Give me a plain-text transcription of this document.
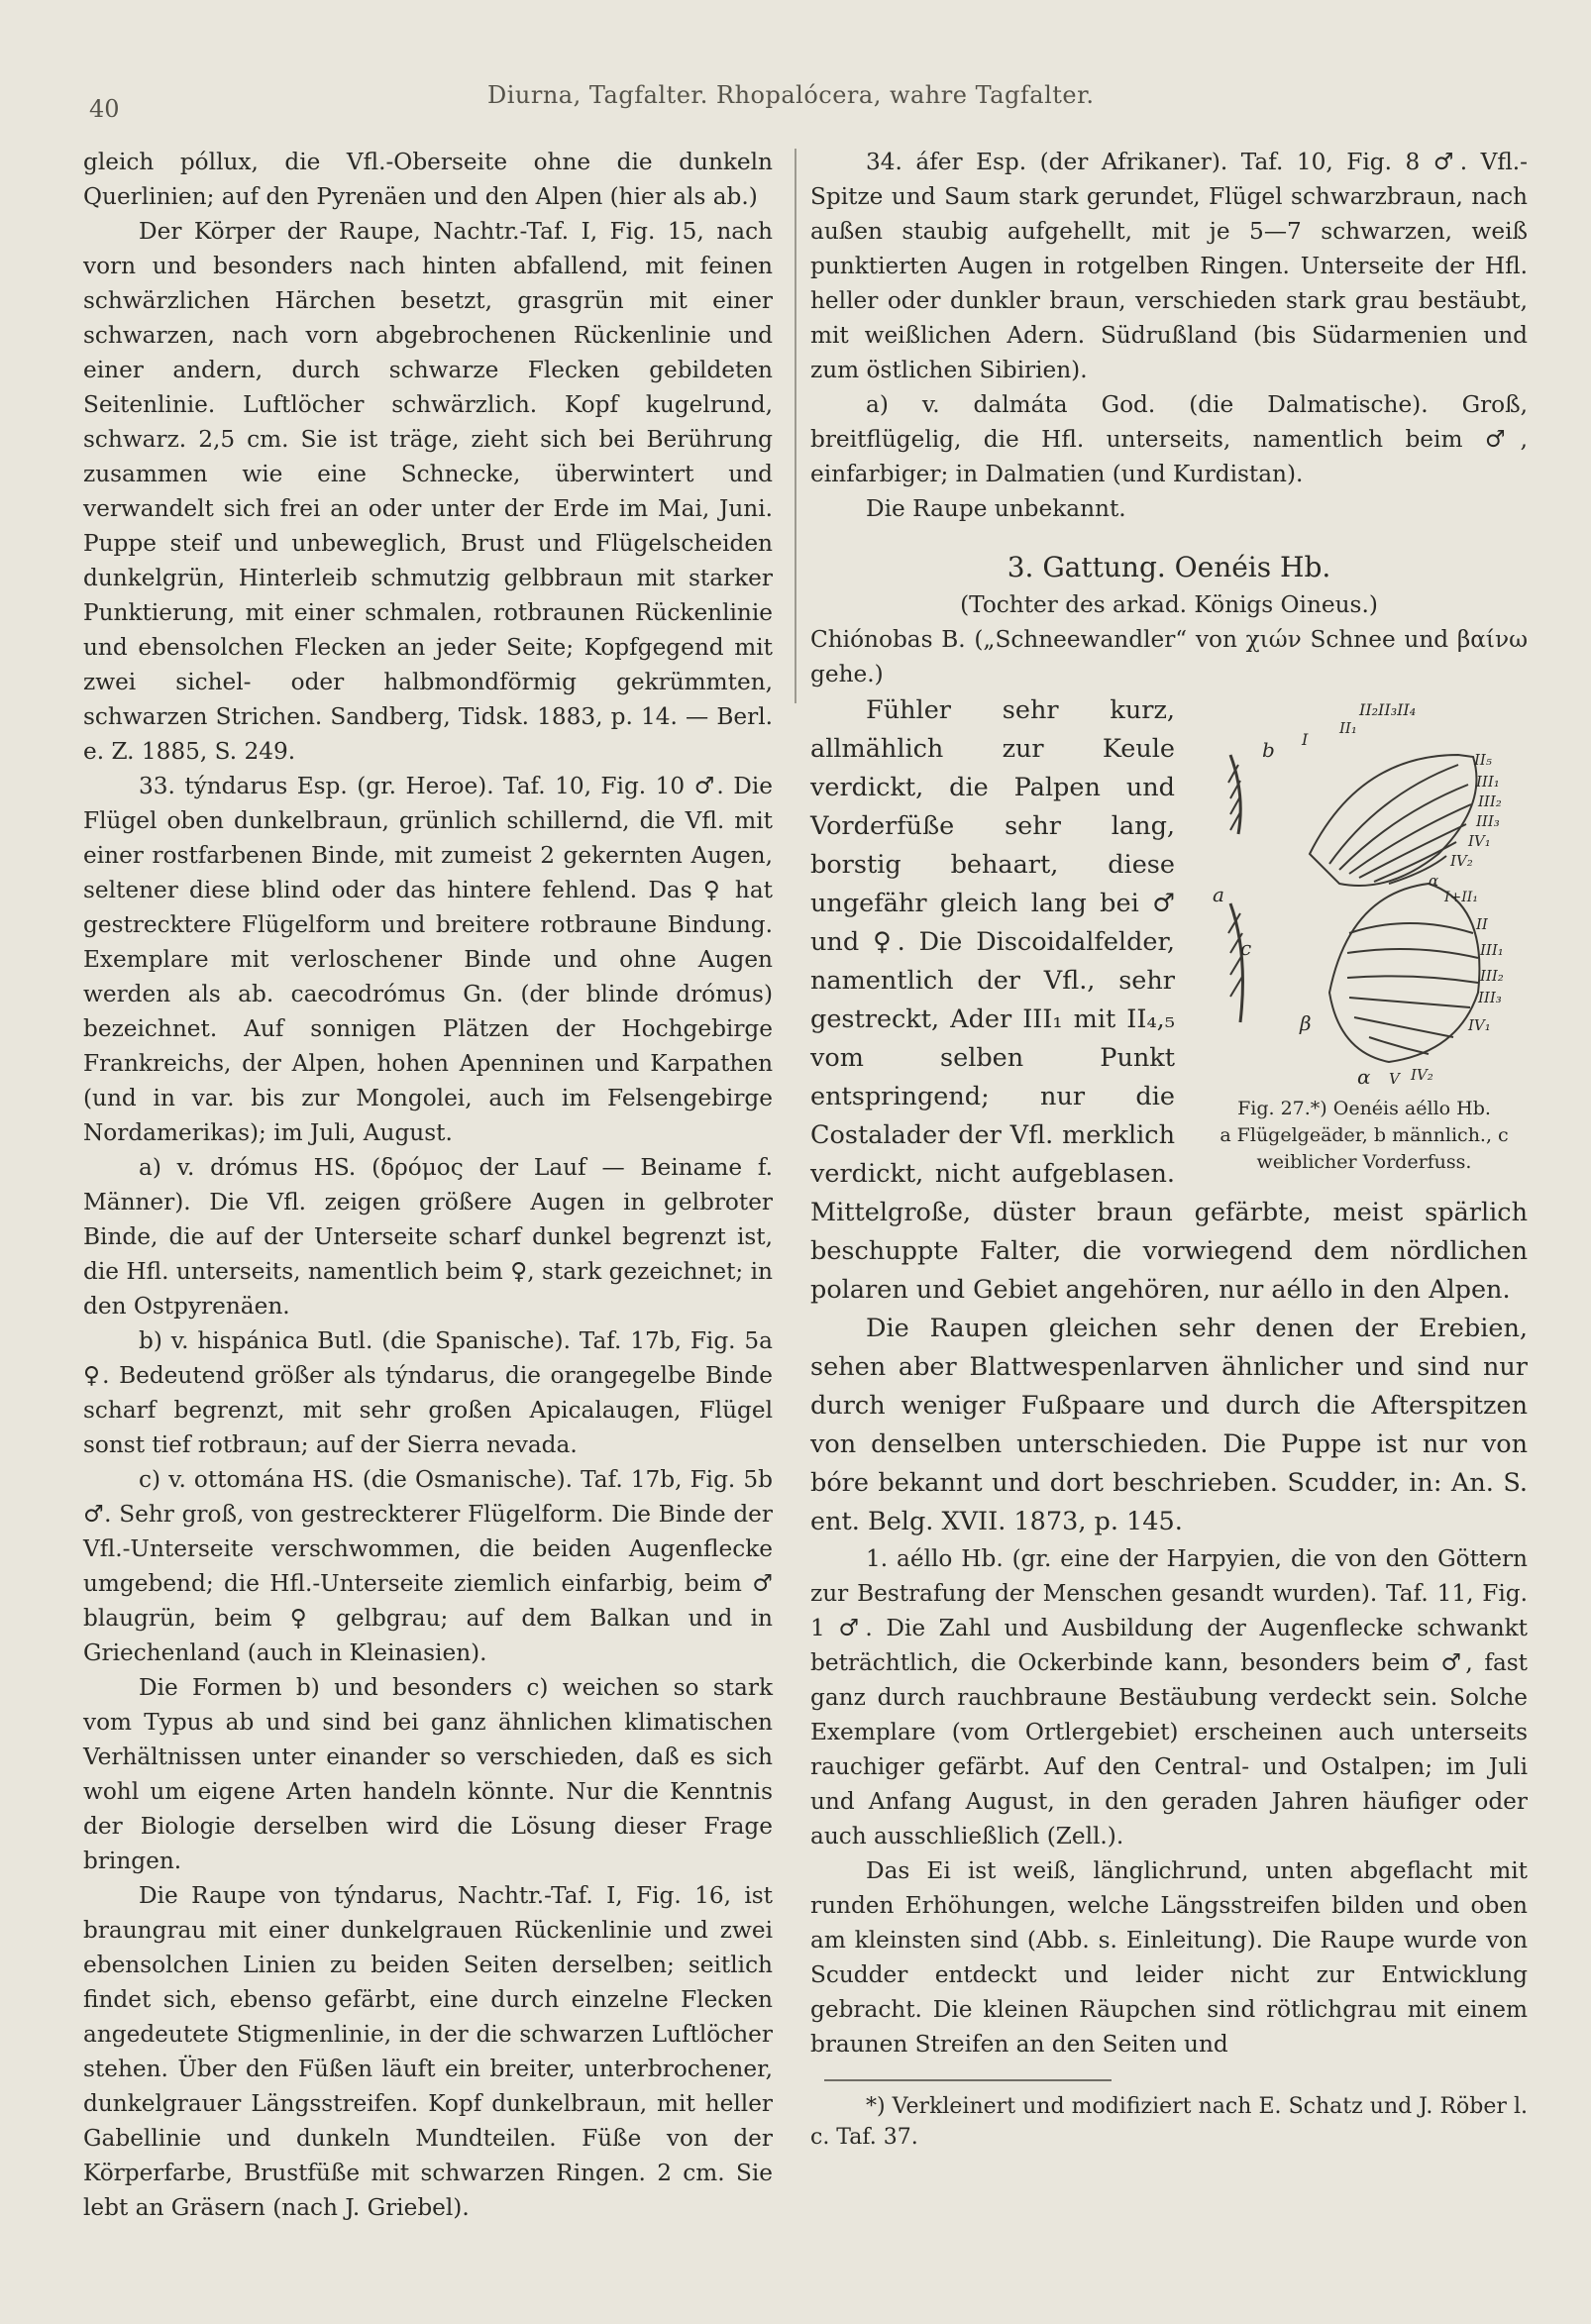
40	Diurna, Tagfalter. Rhopalócera, wahre Tagfalter.

gleich póllux, die Vfl.-Oberseite ohne die dunkeln Querlinien; auf den Pyrenäen und den Alpen (hier als ab.)

Der Körper der Raupe, Nachtr.-Taf. I, Fig. 15, nach vorn und besonders nach hinten abfallend, mit feinen schwärzlichen Härchen besetzt, grasgrün mit einer schwarzen, nach vorn abgebrochenen Rückenlinie und einer andern, durch schwarze Flecken gebildeten Seitenlinie. Luftlöcher schwärzlich. Kopf kugelrund, schwarz. 2,5 cm. Sie ist träge, zieht sich bei Berührung zusammen wie eine Schnecke, überwintert und verwandelt sich frei an oder unter der Erde im Mai, Juni. Puppe steif und unbeweglich, Brust und Flügelscheiden dunkelgrün, Hinterleib schmutzig gelbbraun mit starker Punktierung, mit einer schmalen, rotbraunen Rückenlinie und ebensolchen Flecken an jeder Seite; Kopfgegend mit zwei sichel- oder halbmondförmig gekrümmten, schwarzen Strichen. Sandberg, Tidsk. 1883, p. 14. — Berl. e. Z. 1885, S. 249.

33. týndarus Esp. (gr. Heroe). Taf. 10, Fig. 10 ♂. Die Flügel oben dunkelbraun, grünlich schillernd, die Vfl. mit einer rostfarbenen Binde, mit zumeist 2 gekernten Augen, seltener diese blind oder das hintere fehlend. Das ♀ hat gestrecktere Flügelform und breitere rotbraune Bindung. Exemplare mit verloschener Binde und ohne Augen werden als ab. caecodrómus Gn. (der blinde drómus) bezeichnet. Auf sonnigen Plätzen der Hochgebirge Frankreichs, der Alpen, hohen Apenninen und Karpathen (und in var. bis zur Mongolei, auch im Felsengebirge Nordamerikas); im Juli, August.

a) v. drómus HS. (δρόμος der Lauf — Beiname f. Männer). Die Vfl. zeigen größere Augen in gelbroter Binde, die auf der Unterseite scharf dunkel begrenzt ist, die Hfl. unterseits, namentlich beim ♀, stark gezeichnet; in den Ostpyrenäen.

b) v. hispánica Butl. (die Spanische). Taf. 17b, Fig. 5a ♀. Bedeutend größer als týndarus, die orangegelbe Binde scharf begrenzt, mit sehr großen Apicalaugen, Flügel sonst tief rotbraun; auf der Sierra nevada.

c) v. ottomána HS. (die Osmanische). Taf. 17b, Fig. 5b ♂. Sehr groß, von gestreckterer Flügelform. Die Binde der Vfl.-Unterseite verschwommen, die beiden Augenflecke umgebend; die Hfl.-Unterseite ziemlich einfarbig, beim ♂ blaugrün, beim ♀ gelbgrau; auf dem Balkan und in Griechenland (auch in Kleinasien).

Die Formen b) und besonders c) weichen so stark vom Typus ab und sind bei ganz ähnlichen klimatischen Verhältnissen unter einander so verschieden, daß es sich wohl um eigene Arten handeln könnte. Nur die Kenntnis der Biologie derselben wird die Lösung dieser Frage bringen.

Die Raupe von týndarus, Nachtr.-Taf. I, Fig. 16, ist braungrau mit einer dunkelgrauen Rückenlinie und zwei ebensolchen Linien zu beiden Seiten derselben; seitlich findet sich, ebenso gefärbt, eine durch einzelne Flecken angedeutete Stigmenlinie, in der die schwarzen Luftlöcher stehen. Über den Füßen läuft ein breiter, unterbrochener, dunkelgrauer Längsstreifen. Kopf dunkelbraun, mit heller Gabellinie und dunkeln Mundteilen. Füße von der Körperfarbe, Brustfüße mit schwarzen Ringen. 2 cm. Sie lebt an Gräsern (nach J. Griebel).

34. áfer Esp. (der Afrikaner). Taf. 10, Fig. 8 ♂. Vfl.-Spitze und Saum stark gerundet, Flügel schwarzbraun, nach außen staubig aufgehellt, mit je 5—7 schwarzen, weiß punktierten Augen in rotgelben Ringen. Unterseite der Hfl. heller oder dunkler braun, verschieden stark grau bestäubt, mit weißlichen Adern. Südrußland (bis Südarmenien und zum östlichen Sibirien).

a) v. dalmáta God. (die Dalmatische). Groß, breitflügelig, die Hfl. unterseits, namentlich beim ♂, einfarbiger; in Dalmatien (und Kurdistan).

Die Raupe unbekannt.

3. Gattung. Oenéis Hb.

(Tochter des arkad. Königs Oineus.)

Chiónobas B. („Schneewandler“ von χιών Schnee und βαίνω gehe.)

b
a
c
I
II₂II₃II₄
II₁
II₅
III₁
III₂
III₃
IV₁
IV₂
α
I+II₁
II
III₁
III₂
III₃
IV₁
β
α V IV₂
Fig. 27.*) Oenéis aéllo Hb.
a Flügelgeäder, b männlich., c weiblicher Vorderfuss.

Fühler sehr kurz, allmählich zur Keule verdickt, die Palpen und Vorderfüße sehr lang, borstig behaart, diese ungefähr gleich lang bei ♂ und ♀. Die Discoidalfelder, namentlich der Vfl., sehr gestreckt, Ader III₁ mit II₄,₅ vom selben Punkt entspringend; nur die Costalader der Vfl. merklich verdickt, nicht aufgeblasen. Mittelgroße, düster braun gefärbte, meist spärlich beschuppte Falter, die vorwiegend dem nördlichen polaren und Gebiet angehören, nur aéllo in den Alpen.

Die Raupen gleichen sehr denen der Erebien, sehen aber Blattwespenlarven ähnlicher und sind nur durch weniger Fußpaare und durch die Afterspitzen von denselben unterschieden. Die Puppe ist nur von bóre bekannt und dort beschrieben. Scudder, in: An. S. ent. Belg. XVII. 1873, p. 145.

1. aéllo Hb. (gr. eine der Harpyien, die von den Göttern zur Bestrafung der Menschen gesandt wurden). Taf. 11, Fig. 1 ♂. Die Zahl und Ausbildung der Augenflecke schwankt beträchtlich, die Ockerbinde kann, besonders beim ♂, fast ganz durch rauchbraune Bestäubung verdeckt sein. Solche Exemplare (vom Ortlergebiet) erscheinen auch unterseits rauchiger gefärbt. Auf den Central- und Ostalpen; im Juli und Anfang August, in den geraden Jahren häufiger oder auch ausschließlich (Zell.).

Das Ei ist weiß, länglichrund, unten abgeflacht mit runden Erhöhungen, welche Längsstreifen bilden und oben am kleinsten sind (Abb. s. Einleitung). Die Raupe wurde von Scudder entdeckt und leider nicht zur Entwicklung gebracht. Die kleinen Räupchen sind rötlichgrau mit einem braunen Streifen an den Seiten und

*) Verkleinert und modifiziert nach E. Schatz und J. Röber l. c. Taf. 37.
